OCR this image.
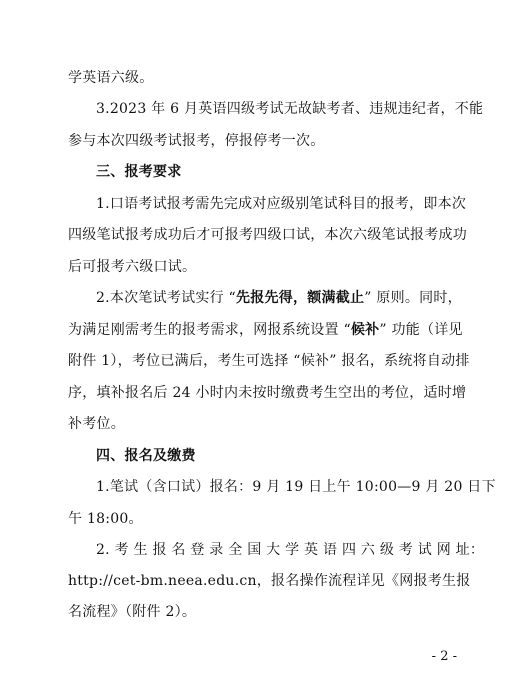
学英语六级。
3.2023 年 6 月英语四级考试无故缺考者、违规违纪者，不能
参与本次四级考试报考，停报停考一次。
三、报考要求
1.口语考试报考需先完成对应级别笔试科目的报考，即本次
四级笔试报考成功后才可报考四级口试，本次六级笔试报考成功
后可报考六级口试。
2.本次笔试考试实行 “先报先得，额满截止” 原则。同时，
为满足刚需考生的报考需求，网报系统设置 “候补” 功能（详见
附件 1），考位已满后，考生可选择 “候补” 报名，系统将自动排
序，填补报名后 24 小时内未按时缴费考生空出的考位，适时增
补考位。
四、报名及缴费
1.笔试（含口试）报名：9 月 19 日上午 10:00—9 月 20 日下
午 18:00。
2. 考 生 报 名 登 录 全 国 大 学 英 语 四 六 级 考 试 网 址：
http://cet-bm.neea.edu.cn，报名操作流程详见《网报考生报
名流程》（附件 2）。
- 2 -
